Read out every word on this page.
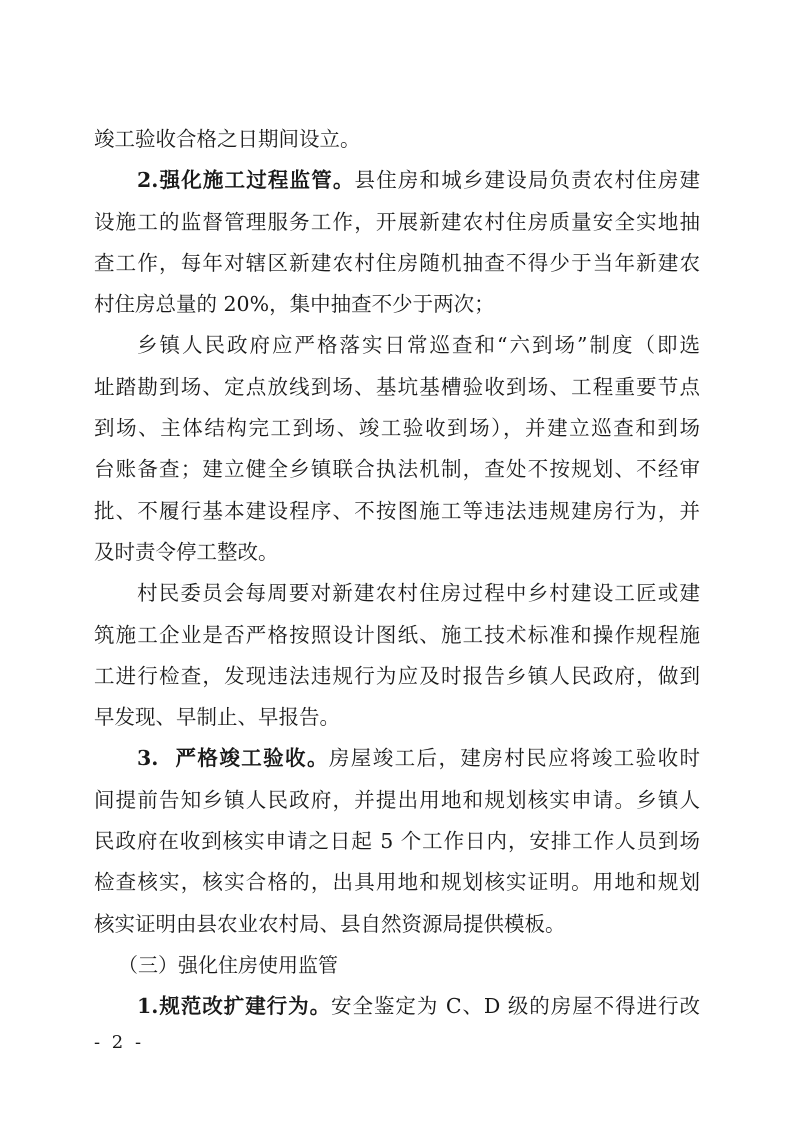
竣工验收合格之日期间设立。
2.强化施工过程监管。县住房和城乡建设局负责农村住房建
设施工的监督管理服务工作，开展新建农村住房质量安全实地抽
查工作，每年对辖区新建农村住房随机抽查不得少于当年新建农
村住房总量的 20%，集中抽查不少于两次；
乡镇人民政府应严格落实日常巡查和“六到场”制度（即选
址踏勘到场、定点放线到场、基坑基槽验收到场、工程重要节点
到场、主体结构完工到场、竣工验收到场），并建立巡查和到场
台账备查；建立健全乡镇联合执法机制，查处不按规划、不经审
批、不履行基本建设程序、不按图施工等违法违规建房行为，并
及时责令停工整改。
村民委员会每周要对新建农村住房过程中乡村建设工匠或建
筑施工企业是否严格按照设计图纸、施工技术标准和操作规程施
工进行检查，发现违法违规行为应及时报告乡镇人民政府，做到
早发现、早制止、早报告。
3.  严格竣工验收。房屋竣工后，建房村民应将竣工验收时
间提前告知乡镇人民政府，并提出用地和规划核实申请。乡镇人
民政府在收到核实申请之日起 5 个工作日内，安排工作人员到场
检查核实，核实合格的，出具用地和规划核实证明。用地和规划
核实证明由县农业农村局、县自然资源局提供模板。
（三）强化住房使用监管
1.规范改扩建行为。安全鉴定为 C、D 级的房屋不得进行改
- 2 -
